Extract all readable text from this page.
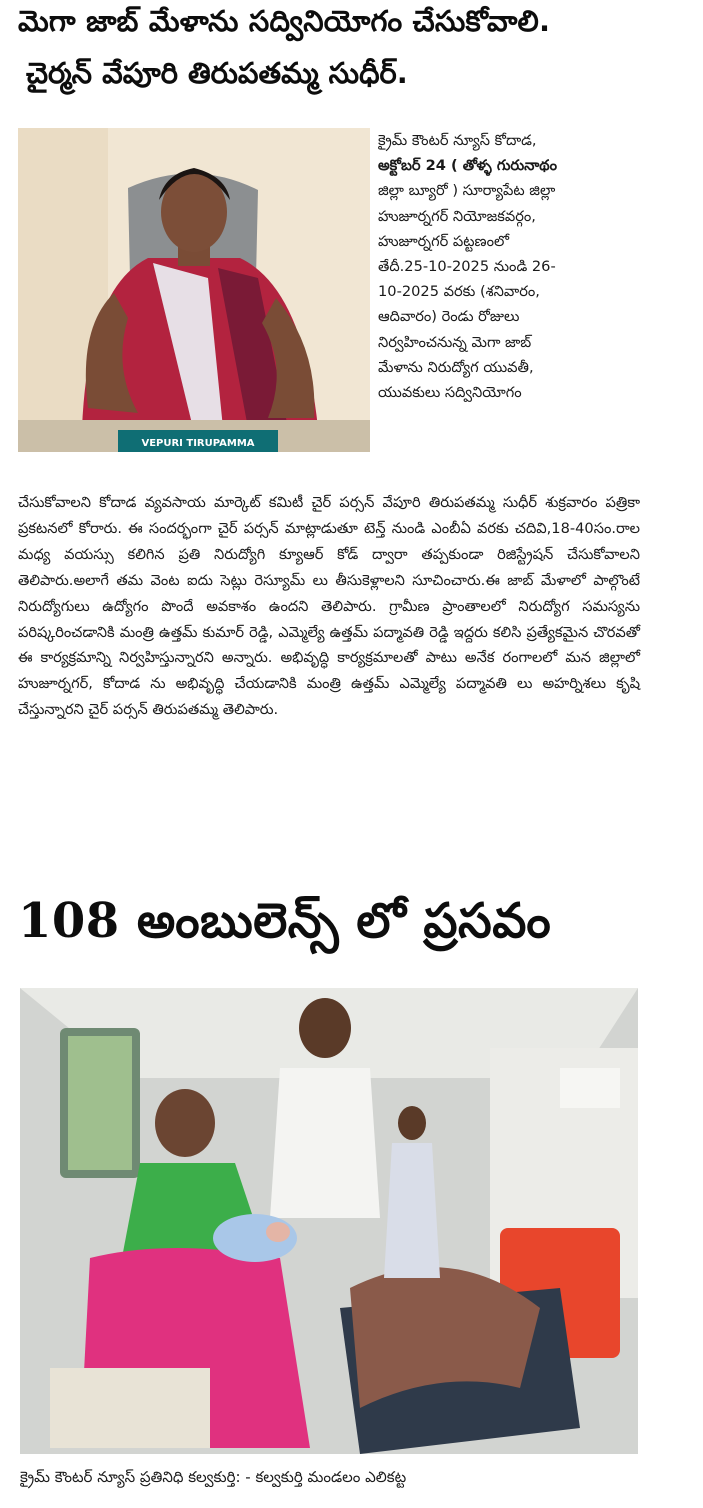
మెగా జాబ్ మేళాను సద్వినియోగం చేసుకోవాలి.
చైర్మన్ వేపూరి తిరుపతమ్మ సుధీర్.
VEPURI TIRUPAMMA
క్రైమ్ కౌంటర్ న్యూస్ కోదాడ,
అక్టోబర్ 24 ( తోళ్ళ గురునాథం
జిల్లా బ్యూరో ) సూర్యాపేట జిల్లా
హుజూర్నగర్ నియోజకవర్గం,
హుజూర్నగర్ పట్టణంలో
తేదీ.25-10-2025 నుండి 26-
10-2025 వరకు (శనివారం,
ఆదివారం) రెండు రోజులు
నిర్వహించనున్న మెగా జాబ్
మేళాను నిరుద్యోగ యువతీ,
యువకులు సద్వినియోగం
చేసుకోవాలని కోదాడ వ్యవసాయ మార్కెట్ కమిటీ చైర్ పర్సన్ వేపూరి తిరుపతమ్మ సుధీర్ శుక్రవారం పత్రికా ప్రకటనలో కోరారు. ఈ సందర్భంగా చైర్ పర్సన్ మాట్లాడుతూ టెన్త్ నుండి ఎంబీఏ వరకు చదివి,18-40సం.రాల మధ్య వయస్సు కలిగిన ప్రతి నిరుద్యోగి క్యూఆర్ కోడ్ ద్వారా తప్పకుండా రిజిస్ట్రేషన్ చేసుకోవాలని తెలిపారు.అలాగే తమ వెంట ఐదు సెట్లు రెస్యూమ్ లు తీసుకెళ్లాలని సూచించారు.ఈ జాబ్ మేళాలో పాల్గొంటే నిరుద్యోగులు ఉద్యోగం పొందే అవకాశం ఉందని తెలిపారు. గ్రామీణ ప్రాంతాలలో నిరుద్యోగ సమస్యను పరిష్కరించడానికి మంత్రి ఉత్తమ్ కుమార్ రెడ్డి, ఎమ్మెల్యే ఉత్తమ్ పద్మావతి రెడ్డి ఇద్దరు కలిసి ప్రత్యేకమైన చొరవతో ఈ కార్యక్రమాన్ని నిర్వహిస్తున్నారని అన్నారు. అభివృద్ధి కార్యక్రమాలతో పాటు అనేక రంగాలలో మన జిల్లాలో హుజూర్నగర్, కోదాడ ను అభివృద్ధి చేయడానికి మంత్రి ఉత్తమ్ ఎమ్మెల్యే పద్మావతి లు అహర్నిశలు కృషి చేస్తున్నారని చైర్ పర్సన్ తిరుపతమ్మ తెలిపారు.
108 అంబులెన్స్ లో ప్రసవం
క్రైమ్ కౌంటర్ న్యూస్ ప్రతినిధి కల్వకుర్తి: - కల్వకుర్తి మండలం ఎలికట్ట
